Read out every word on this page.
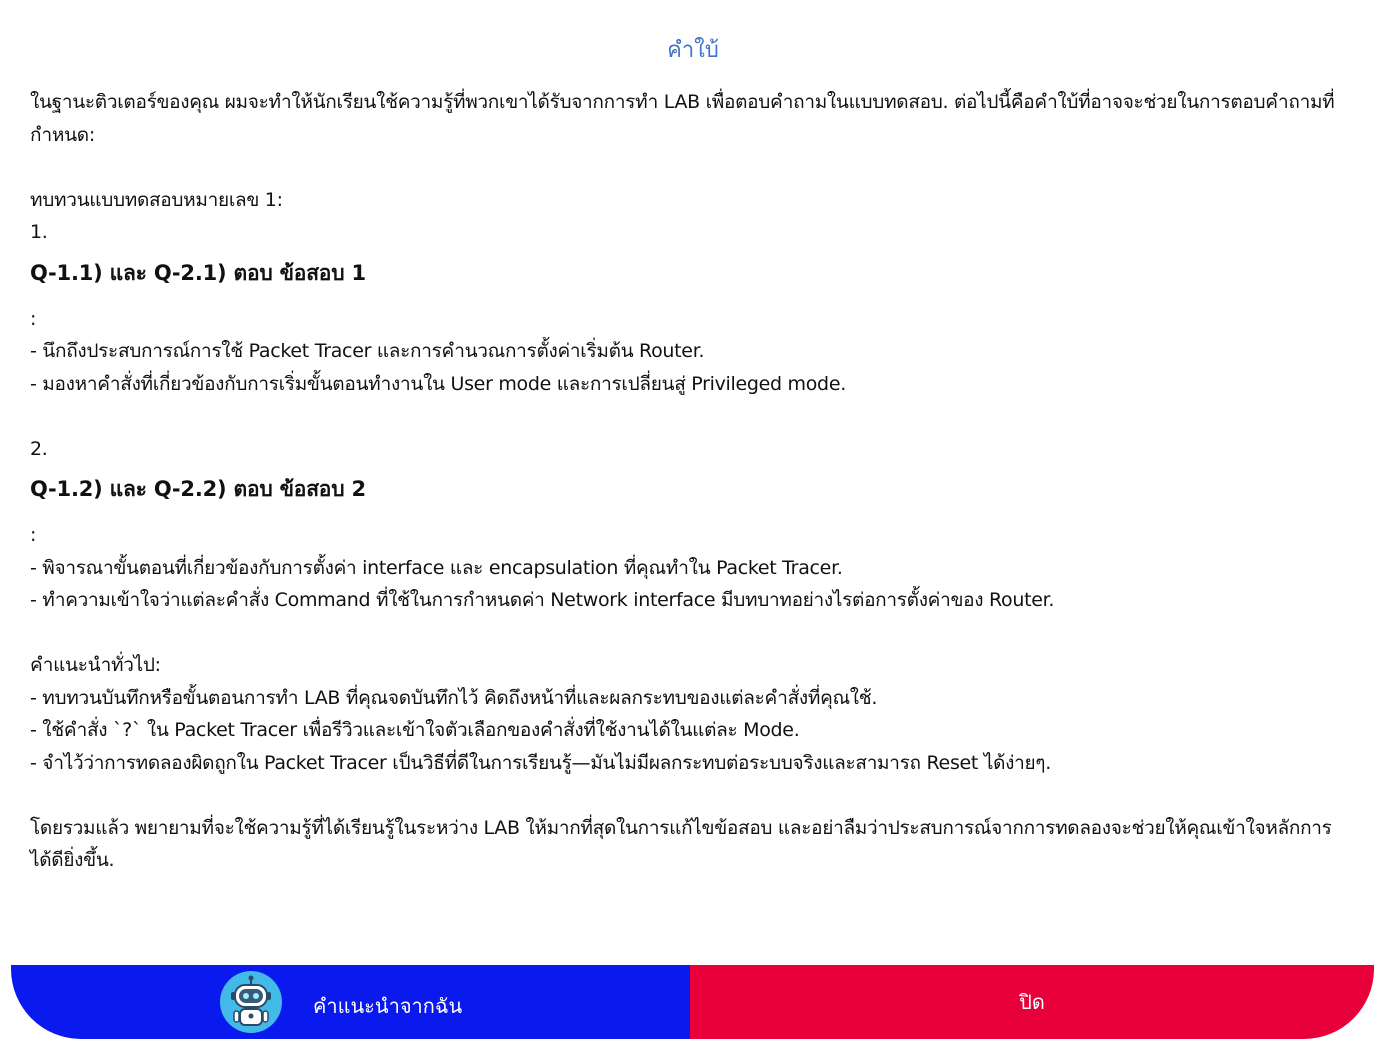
คำใบ้

ในฐานะติวเตอร์ของคุณ ผมจะทำให้นักเรียนใช้ความรู้ที่พวกเขาได้รับจากการทำ LAB เพื่อตอบคำถามในแบบทดสอบ. ต่อไปนี้คือคำใบ้ที่อาจจะช่วยในการตอบคำถามที่กำหนด:

ทบทวนแบบทดสอบหมายเลข 1:

1.

Q-1.1) และ Q-2.1) ตอบ ข้อสอบ 1

:

- นึกถึงประสบการณ์การใช้ Packet Tracer และการคำนวณการตั้งค่าเริ่มต้น Router.

- มองหาคำสั่งที่เกี่ยวข้องกับการเริ่มขั้นตอนทำงานใน User mode และการเปลี่ยนสู่ Privileged mode.

2.

Q-1.2) และ Q-2.2) ตอบ ข้อสอบ 2

:

- พิจารณาขั้นตอนที่เกี่ยวข้องกับการตั้งค่า interface และ encapsulation ที่คุณทำใน Packet Tracer.

- ทำความเข้าใจว่าแต่ละคำสั่ง Command ที่ใช้ในการกำหนดค่า Network interface มีบทบาทอย่างไรต่อการตั้งค่าของ Router.

คำแนะนำทั่วไป:

- ทบทวนบันทึกหรือขั้นตอนการทำ LAB ที่คุณจดบันทึกไว้ คิดถึงหน้าที่และผลกระทบของแต่ละคำสั่งที่คุณใช้.

- ใช้คำสั่ง `?` ใน Packet Tracer เพื่อรีวิวและเข้าใจตัวเลือกของคำสั่งที่ใช้งานได้ในแต่ละ Mode.

- จำไว้ว่าการทดลองผิดถูกใน Packet Tracer เป็นวิธีที่ดีในการเรียนรู้—มันไม่มีผลกระทบต่อระบบจริงและสามารถ Reset ได้ง่ายๆ.

โดยรวมแล้ว พยายามที่จะใช้ความรู้ที่ได้เรียนรู้ในระหว่าง LAB ให้มากที่สุดในการแก้ไขข้อสอบ และอย่าลืมว่าประสบการณ์จากการทดลองจะช่วยให้คุณเข้าใจหลักการได้ดียิ่งขึ้น.

คำแนะนำจากฉัน	ปิด
